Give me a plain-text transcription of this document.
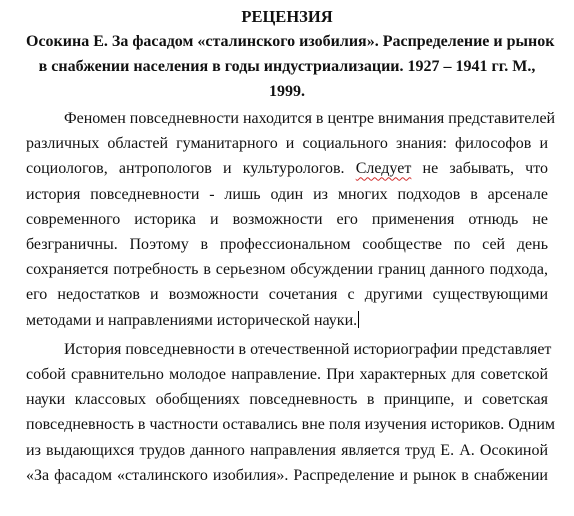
РЕЦЕНЗИЯ
Осокина Е. За фасадом «сталинского изобилия». Распределение и рынок
в снабжении населения в годы индустриализации. 1927 – 1941 гг. М.,
1999.
Феномен повседневности находится в центре внимания представителей
различных областей гуманитарного и социального знания: философов и
социологов, антропологов и культурологов. Следует не забывать, что
история повседневности - лишь один из многих подходов в арсенале
современного историка и возможности его применения отнюдь не
безграничны. Поэтому в профессиональном сообществе по сей день
сохраняется потребность в серьезном обсуждении границ данного подхода,
его недостатков и возможности сочетания с другими существующими
методами и направлениями исторической науки.
История повседневности в отечественной историографии представляет
собой сравнительно молодое направление. При характерных для советской
науки классовых обобщениях повседневность в принципе, и советская
повседневность в частности оставались вне поля изучения историков. Одним
из выдающихся трудов данного направления является труд Е. А. Осокиной
«За фасадом «сталинского изобилия». Распределение и рынок в снабжении
